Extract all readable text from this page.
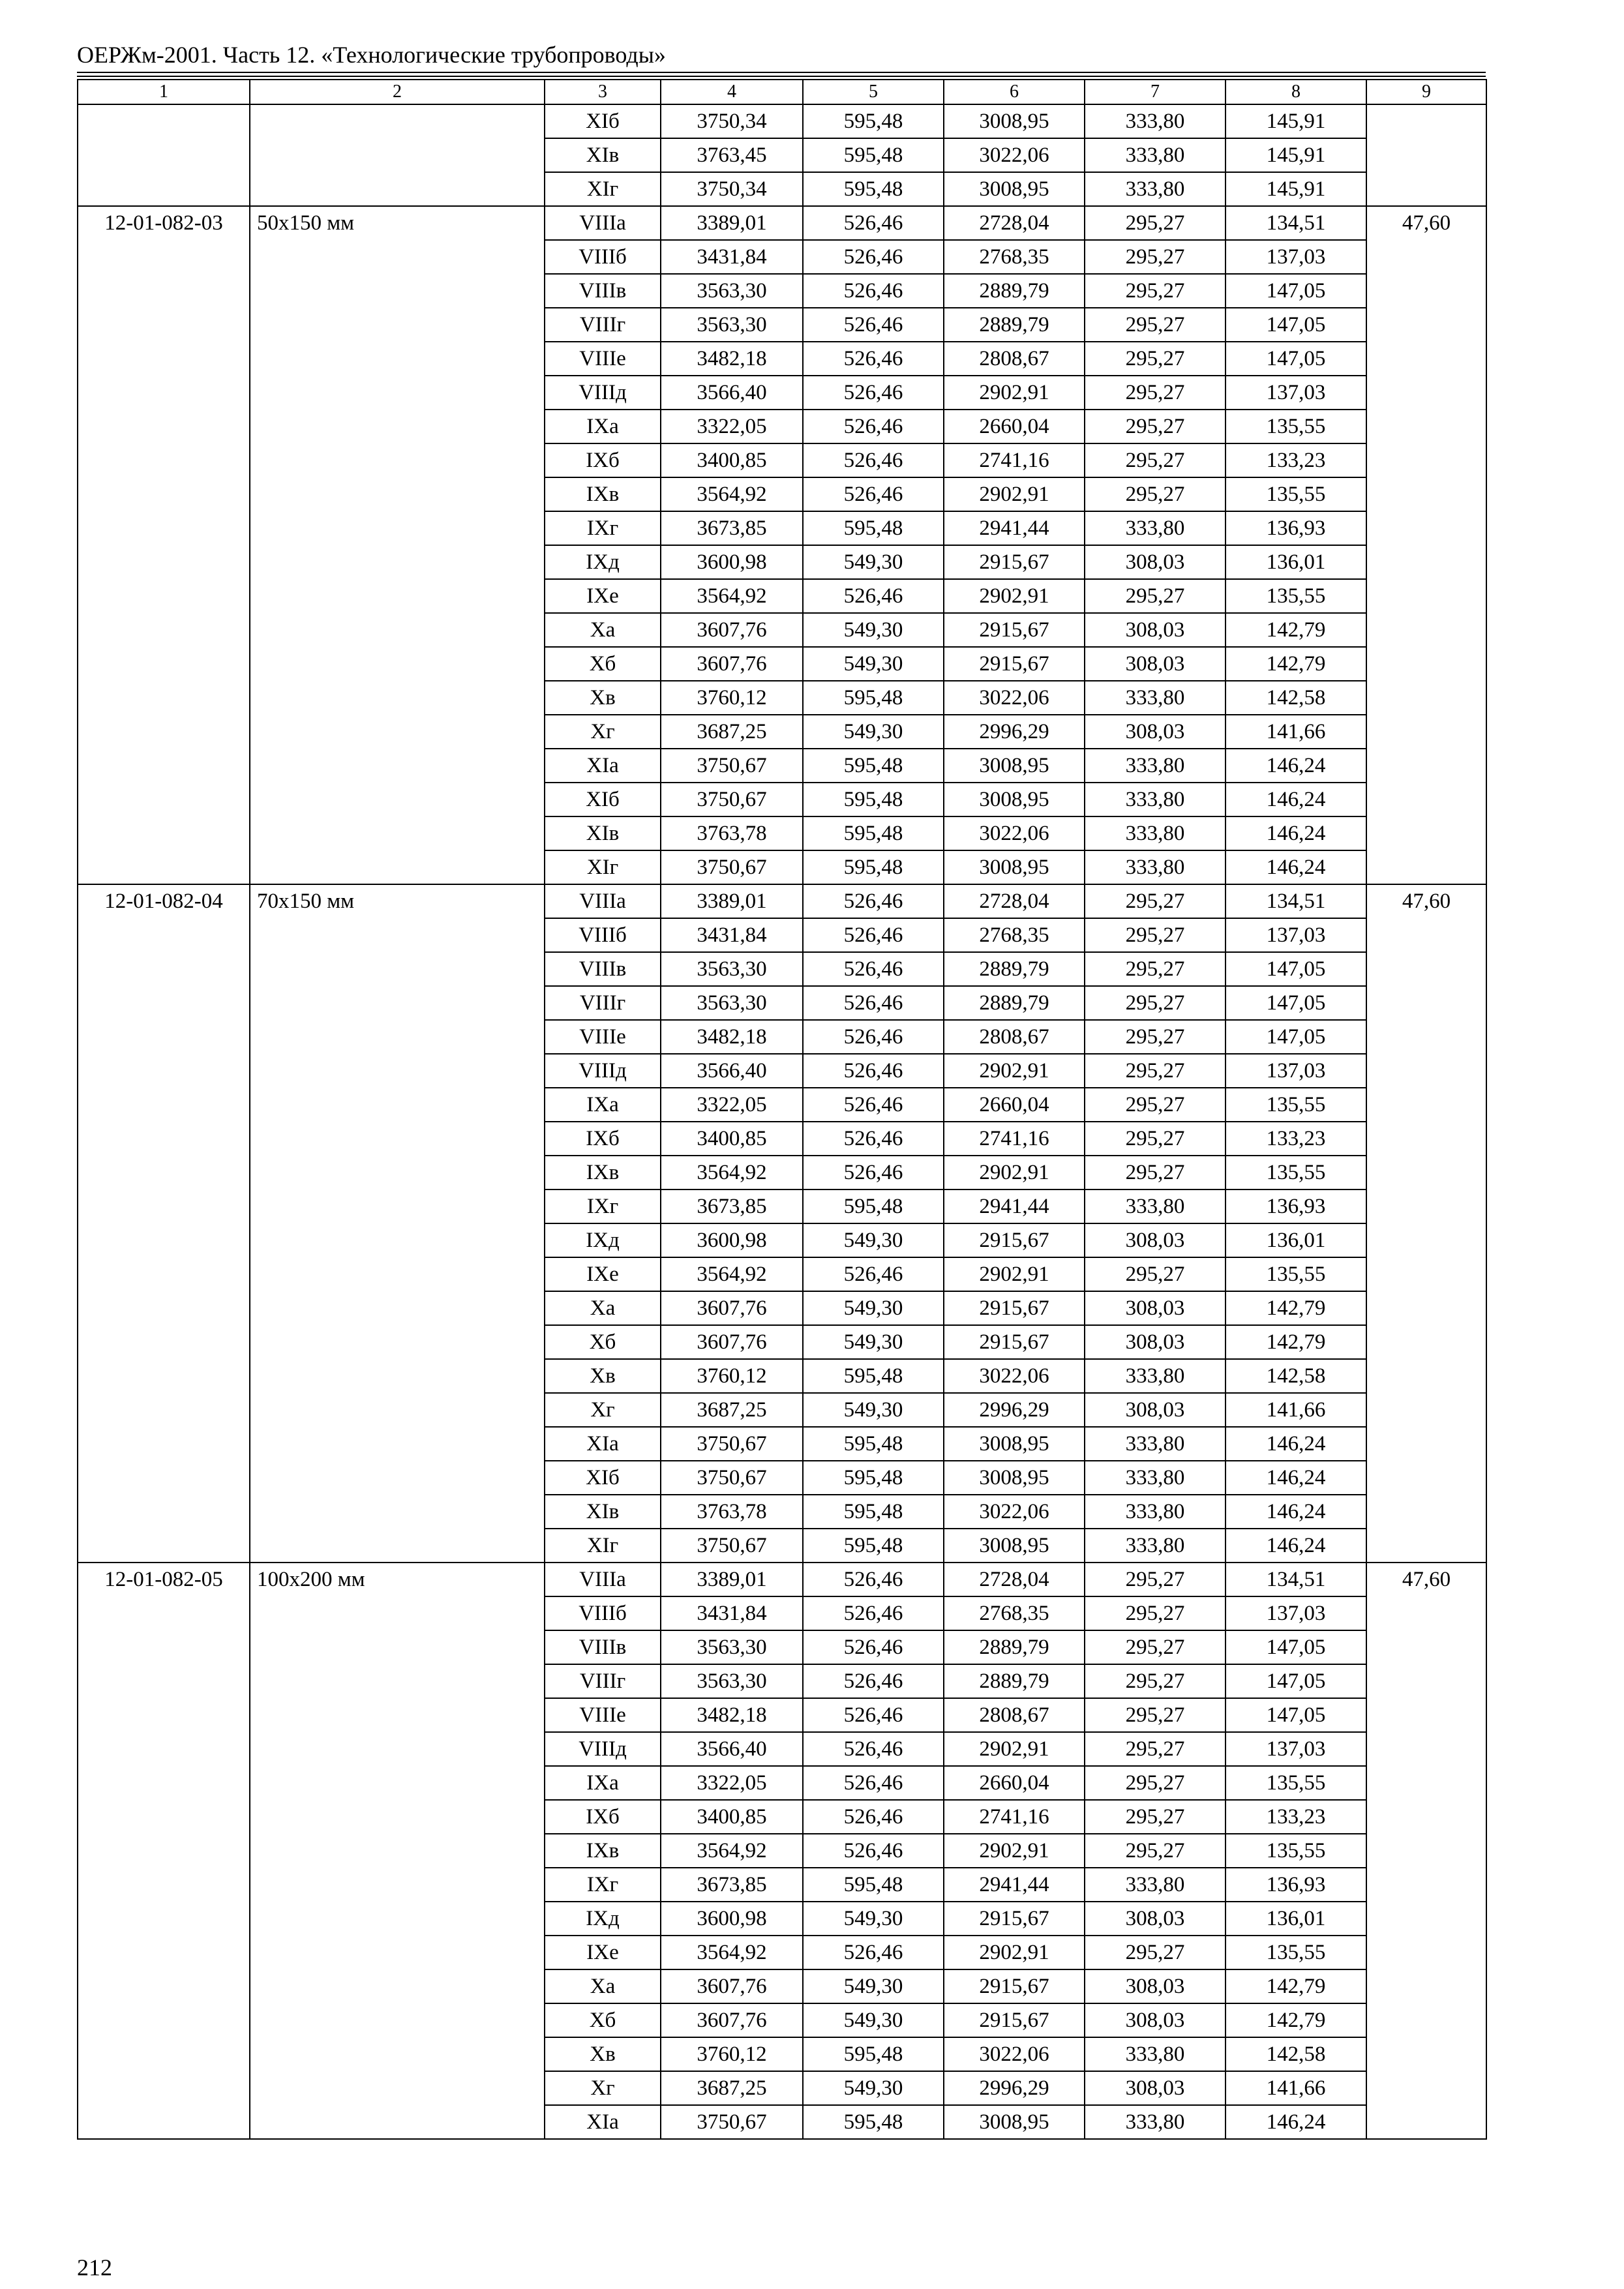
ОЕРЖм-2001. Часть 12. «Технологические трубопроводы»
1	2	3	4	5	6	7	8	9
		XIб	3750,34	595,48	3008,95	333,80	145,91	
		XIв	3763,45	595,48	3022,06	333,80	145,91	
		XIг	3750,34	595,48	3008,95	333,80	145,91	
12-01-082-03	50х150 мм	VIIIa	3389,01	526,46	2728,04	295,27	134,51	47,60
		VIIIб	3431,84	526,46	2768,35	295,27	137,03	
		VIIIв	3563,30	526,46	2889,79	295,27	147,05	
		VIIIг	3563,30	526,46	2889,79	295,27	147,05	
		VIIIe	3482,18	526,46	2808,67	295,27	147,05	
		VIIIд	3566,40	526,46	2902,91	295,27	137,03	
		IXa	3322,05	526,46	2660,04	295,27	135,55	
		IXб	3400,85	526,46	2741,16	295,27	133,23	
		IXв	3564,92	526,46	2902,91	295,27	135,55	
		IXг	3673,85	595,48	2941,44	333,80	136,93	
		IXд	3600,98	549,30	2915,67	308,03	136,01	
		IXe	3564,92	526,46	2902,91	295,27	135,55	
		Xa	3607,76	549,30	2915,67	308,03	142,79	
		Xб	3607,76	549,30	2915,67	308,03	142,79	
		Xв	3760,12	595,48	3022,06	333,80	142,58	
		Xг	3687,25	549,30	2996,29	308,03	141,66	
		XIa	3750,67	595,48	3008,95	333,80	146,24	
		XIб	3750,67	595,48	3008,95	333,80	146,24	
		XIв	3763,78	595,48	3022,06	333,80	146,24	
		XIг	3750,67	595,48	3008,95	333,80	146,24	
12-01-082-04	70х150 мм	VIIIa	3389,01	526,46	2728,04	295,27	134,51	47,60
		VIIIб	3431,84	526,46	2768,35	295,27	137,03	
		VIIIв	3563,30	526,46	2889,79	295,27	147,05	
		VIIIг	3563,30	526,46	2889,79	295,27	147,05	
		VIIIe	3482,18	526,46	2808,67	295,27	147,05	
		VIIIд	3566,40	526,46	2902,91	295,27	137,03	
		IXa	3322,05	526,46	2660,04	295,27	135,55	
		IXб	3400,85	526,46	2741,16	295,27	133,23	
		IXв	3564,92	526,46	2902,91	295,27	135,55	
		IXг	3673,85	595,48	2941,44	333,80	136,93	
		IXд	3600,98	549,30	2915,67	308,03	136,01	
		IXe	3564,92	526,46	2902,91	295,27	135,55	
		Xa	3607,76	549,30	2915,67	308,03	142,79	
		Xб	3607,76	549,30	2915,67	308,03	142,79	
		Xв	3760,12	595,48	3022,06	333,80	142,58	
		Xг	3687,25	549,30	2996,29	308,03	141,66	
		XIa	3750,67	595,48	3008,95	333,80	146,24	
		XIб	3750,67	595,48	3008,95	333,80	146,24	
		XIв	3763,78	595,48	3022,06	333,80	146,24	
		XIг	3750,67	595,48	3008,95	333,80	146,24	
12-01-082-05	100х200 мм	VIIIa	3389,01	526,46	2728,04	295,27	134,51	47,60
		VIIIб	3431,84	526,46	2768,35	295,27	137,03	
		VIIIв	3563,30	526,46	2889,79	295,27	147,05	
		VIIIг	3563,30	526,46	2889,79	295,27	147,05	
		VIIIe	3482,18	526,46	2808,67	295,27	147,05	
		VIIIд	3566,40	526,46	2902,91	295,27	137,03	
		IXa	3322,05	526,46	2660,04	295,27	135,55	
		IXб	3400,85	526,46	2741,16	295,27	133,23	
		IXв	3564,92	526,46	2902,91	295,27	135,55	
		IXг	3673,85	595,48	2941,44	333,80	136,93	
		IXд	3600,98	549,30	2915,67	308,03	136,01	
		IXe	3564,92	526,46	2902,91	295,27	135,55	
		Xa	3607,76	549,30	2915,67	308,03	142,79	
		Xб	3607,76	549,30	2915,67	308,03	142,79	
		Xв	3760,12	595,48	3022,06	333,80	142,58	
		Xг	3687,25	549,30	2996,29	308,03	141,66	
		XIa	3750,67	595,48	3008,95	333,80	146,24	
212
